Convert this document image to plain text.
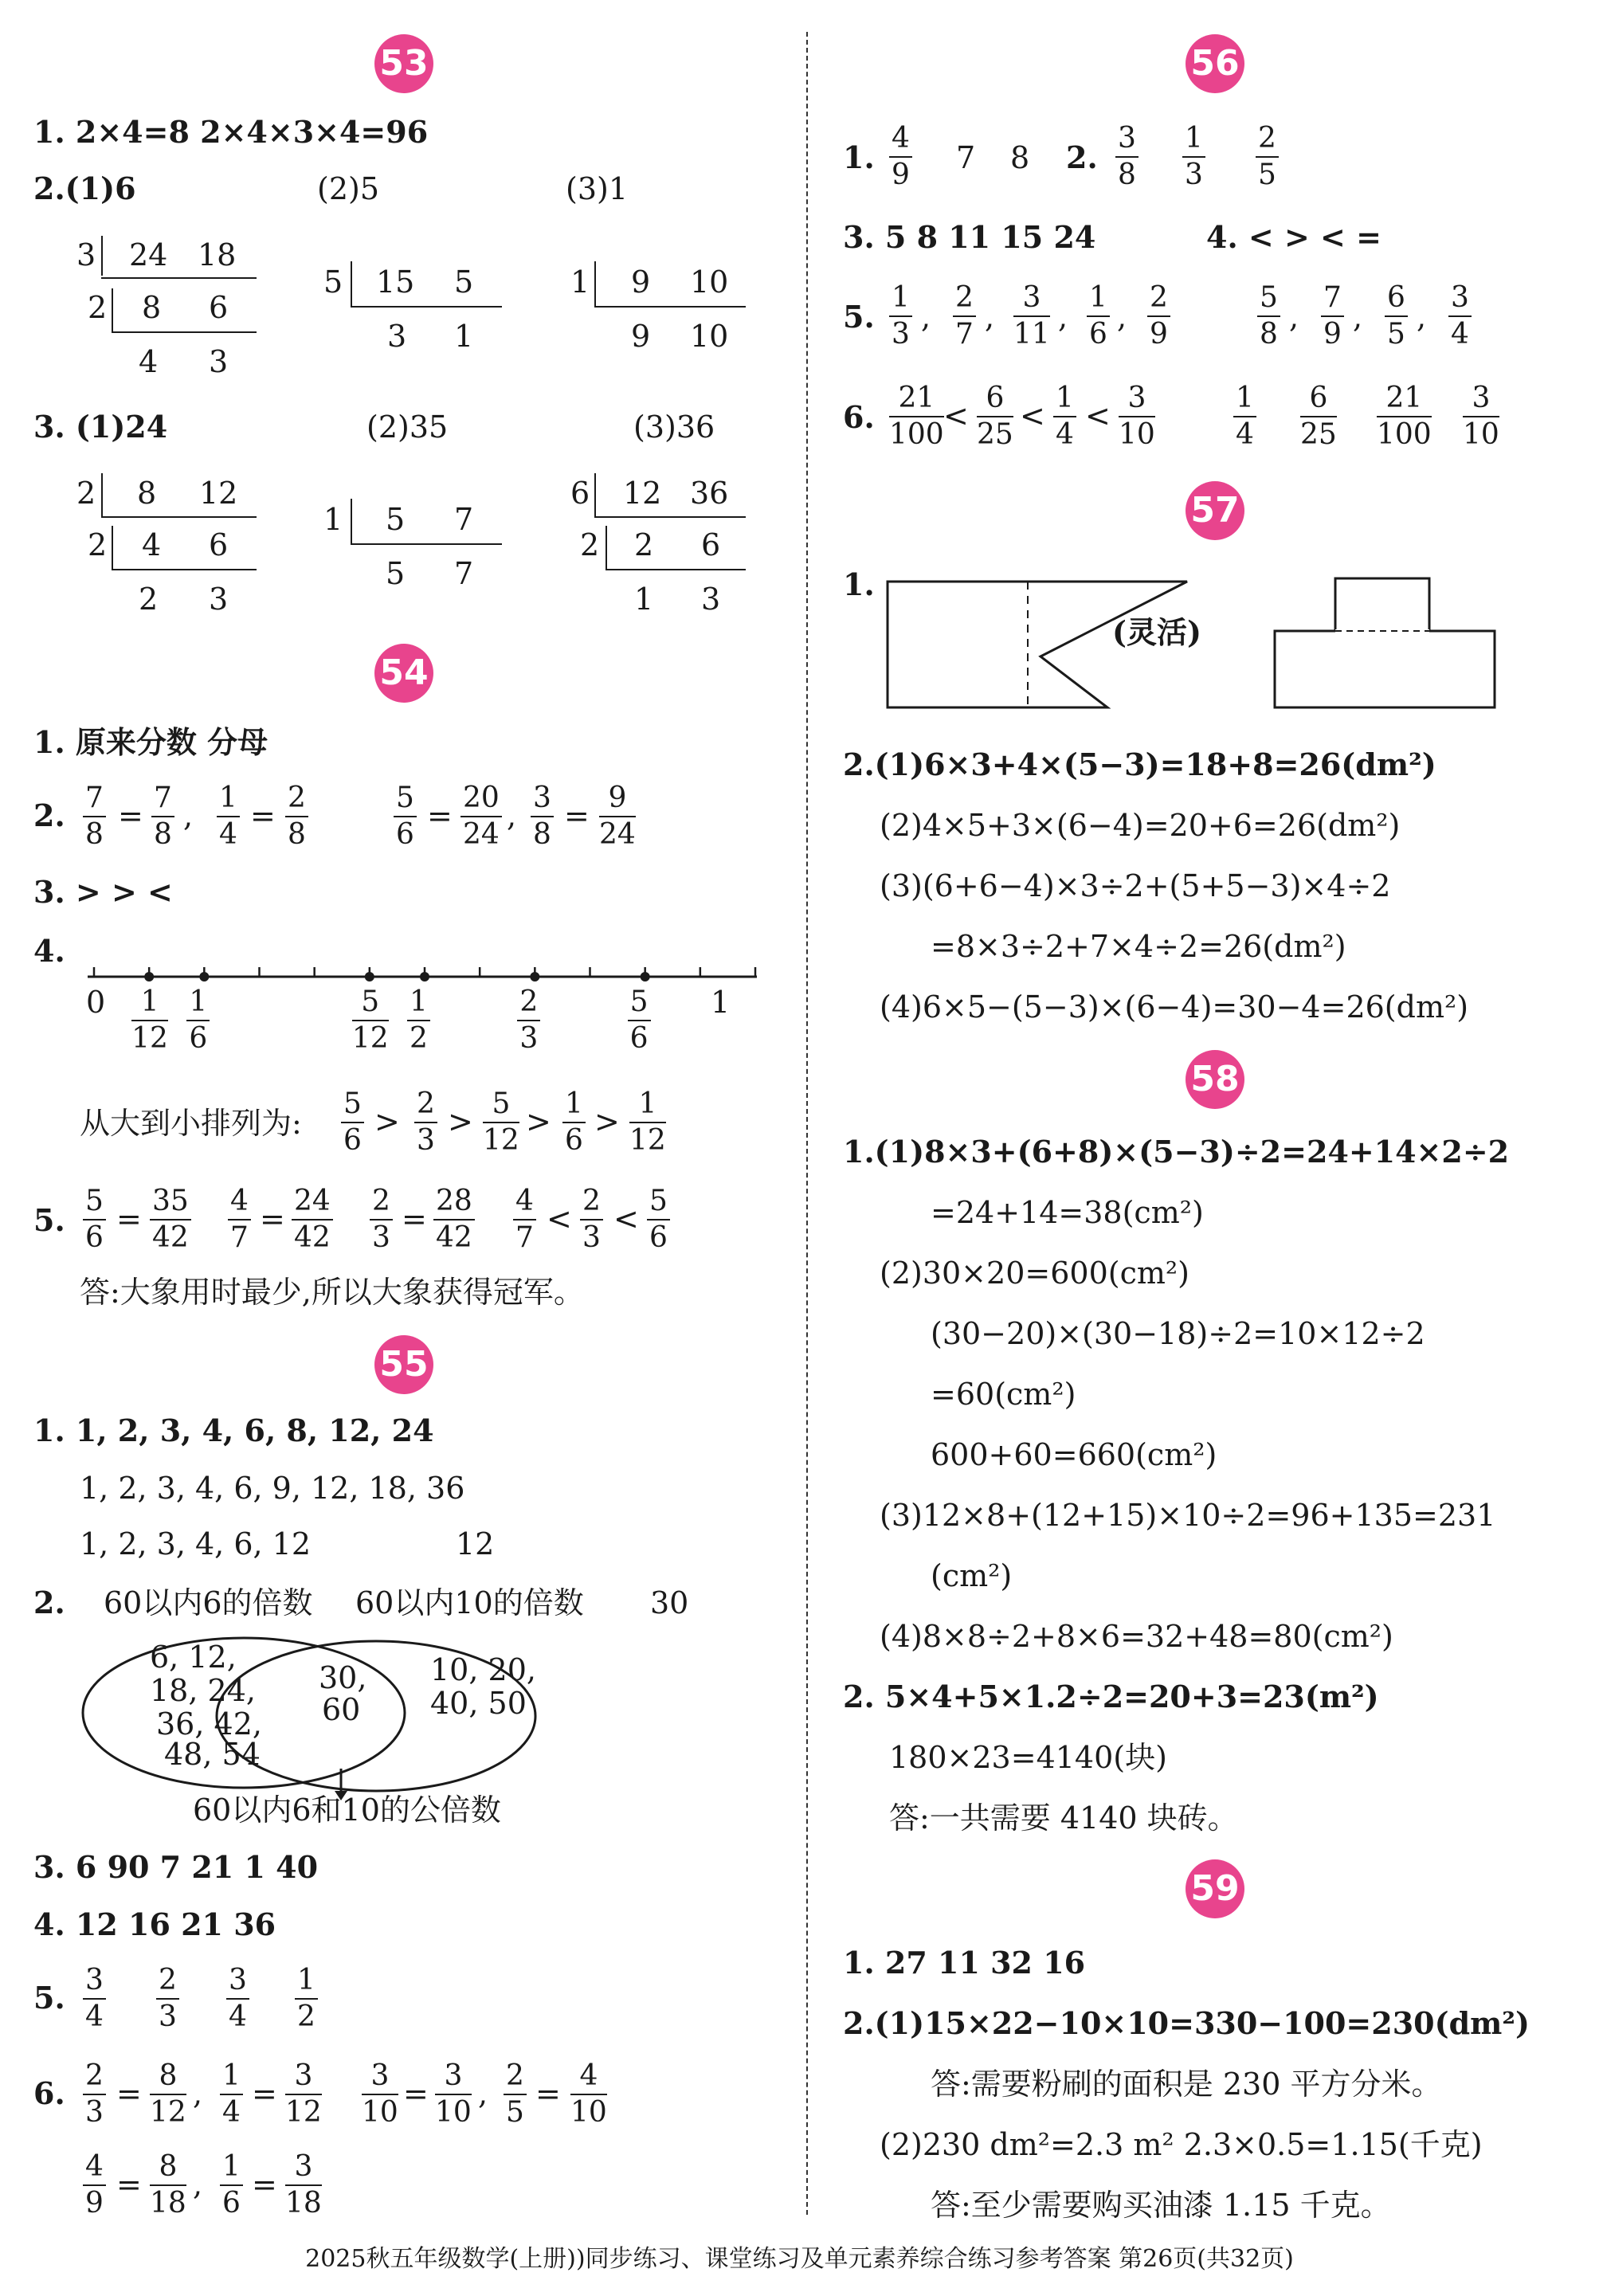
53
1. 2×4=8 2×4×3×4=96
2.(1)6	(2)5	(3)1
3 24 18
2 8 6
4 3
5 15 5
3 1
1 9 10
9 10
3. (1)24	(2)35	(3)36
2 8 12
2 4 6
2 3
1 5 7
5 7
6 12 36
2 2 6
1 3
54
1. 原来分数 分母
2. $\frac{7}{8} = \frac{7}{8}$ , $\frac{1}{4} = \frac{2}{8}$	$\frac{5}{6} = \frac{20}{24}$ , $\frac{3}{8} = \frac{9}{24}$
3. > > <
4.
0	1
$\frac{1}{12} \frac{1}{6}$	$\frac{5}{12} \frac{1}{2}$	$\frac{2}{3}$	$\frac{5}{6}$
从大到小排列为: $\frac{5}{6} > \frac{2}{3} > \frac{5}{12} > \frac{1}{6} > \frac{1}{12}$
5. $\frac{5}{6} = \frac{35}{42} \frac{4}{7} = \frac{24}{42} \frac{2}{3} = \frac{28}{42} \frac{4}{7} < \frac{2}{3} < \frac{5}{6}$
答:大象用时最少,所以大象获得冠军。
55
1. 1, 2, 3, 4, 6, 8, 12, 24
1, 2, 3, 4, 6, 9, 12, 18, 36
1, 2, 3, 4, 6, 12	12
2. 60以内6的倍数 60以内10的倍数 30
6, 12,
18, 24,
36, 42,
48, 54
30,
60
10, 20,
40, 50
60以内6和10的公倍数
3. 6 90 7 21 1 40
4. 12 16 21 36
5. $\frac{3}{4} \frac{2}{3} \frac{3}{4} \frac{1}{2}$
6. $\frac{2}{3} = \frac{8}{12}$ , $\frac{1}{4} = \frac{3}{12} \frac{3}{10} = \frac{3}{10}$ , $\frac{2}{5} = \frac{4}{10}$
$\frac{4}{9} = \frac{8}{18}$ , $\frac{1}{6} = \frac{3}{18}$
56
1. $\frac{4}{9} 7$ 8 2. $\frac{3}{8} \frac{1}{3} \frac{2}{5}$
3. 5 8 11 15 24	4. < > < =
5. $\frac{1}{3}$ , $\frac{2}{7}$ , $\frac{3}{11}$ , $\frac{1}{6}$ , $\frac{2}{9}$	$\frac{5}{8}$ , $\frac{7}{9}$ , $\frac{6}{5}$ , $\frac{3}{4}$
6. $\frac{21}{100} < \frac{6}{25} < \frac{1}{4} < \frac{3}{10}$	$\frac{1}{4} \frac{6}{25} \frac{21}{100} \frac{3}{10}$
57
1.
(灵活)
2.(1)6×3+4×(5−3)=18+8=26(dm²)
(2)4×5+3×(6−4)=20+6=26(dm²)
(3)(6+6−4)×3÷2+(5+5−3)×4÷2
=8×3÷2+7×4÷2=26(dm²)
(4)6×5−(5−3)×(6−4)=30−4=26(dm²)
58
1.(1)8×3+(6+8)×(5−3)÷2=24+14×2÷2
=24+14=38(cm²)
(2)30×20=600(cm²)
(30−20)×(30−18)÷2=10×12÷2
=60(cm²)
600+60=660(cm²)
(3)12×8+(12+15)×10÷2=96+135=231
(cm²)
(4)8×8÷2+8×6=32+48=80(cm²)
2. 5×4+5×1.2÷2=20+3=23(m²)
180×23=4140(块)
答:一共需要 4140 块砖。
59
1. 27 11 32 16
2.(1)15×22−10×10=330−100=230(dm²)
答:需要粉刷的面积是 230 平方分米。
(2)230 dm²=2.3 m² 2.3×0.5=1.15(千克)
答:至少需要购买油漆 1.15 千克。
2025秋五年级数学(上册))同步练习、课堂练习及单元素养综合练习参考答案 第26页(共32页)
